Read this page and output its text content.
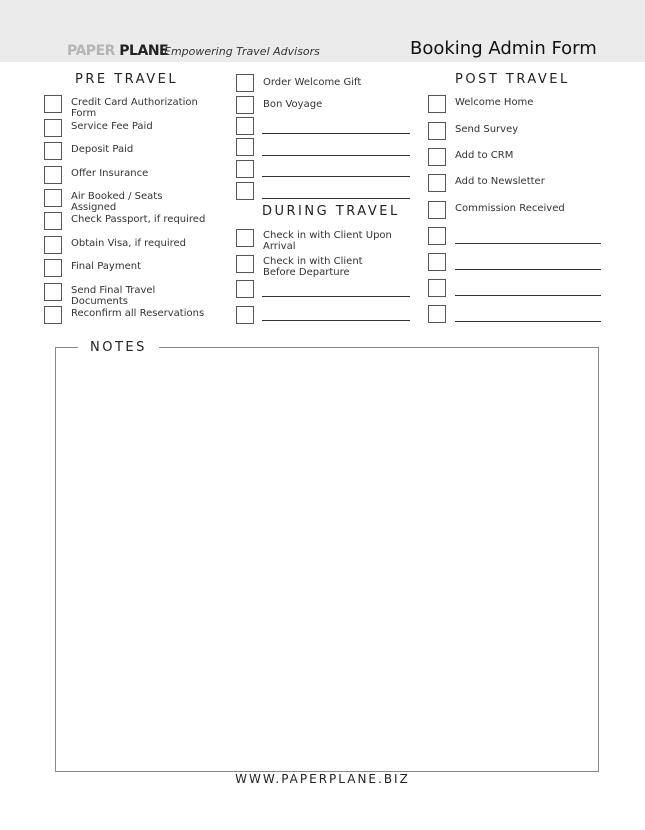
PAPER PLANE
Empowering Travel Advisors	Booking Admin Form
PRE TRAVEL	POST TRAVEL
DURING TRAVEL
Credit Card Authorization Form
Service Fee Paid
Deposit Paid
Offer Insurance
Air Booked / Seats Assigned
Check Passport, if required
Obtain Visa, if required
Final Payment
Send Final Travel Documents
Reconfirm all Reservations
Order Welcome Gift
Bon Voyage
Check in with Client Upon Arrival
Check in with Client Before Departure
Welcome Home
Send Survey
Add to CRM
Add to Newsletter
Commission Received
NOTES
WWW.PAPERPLANE.BIZ
